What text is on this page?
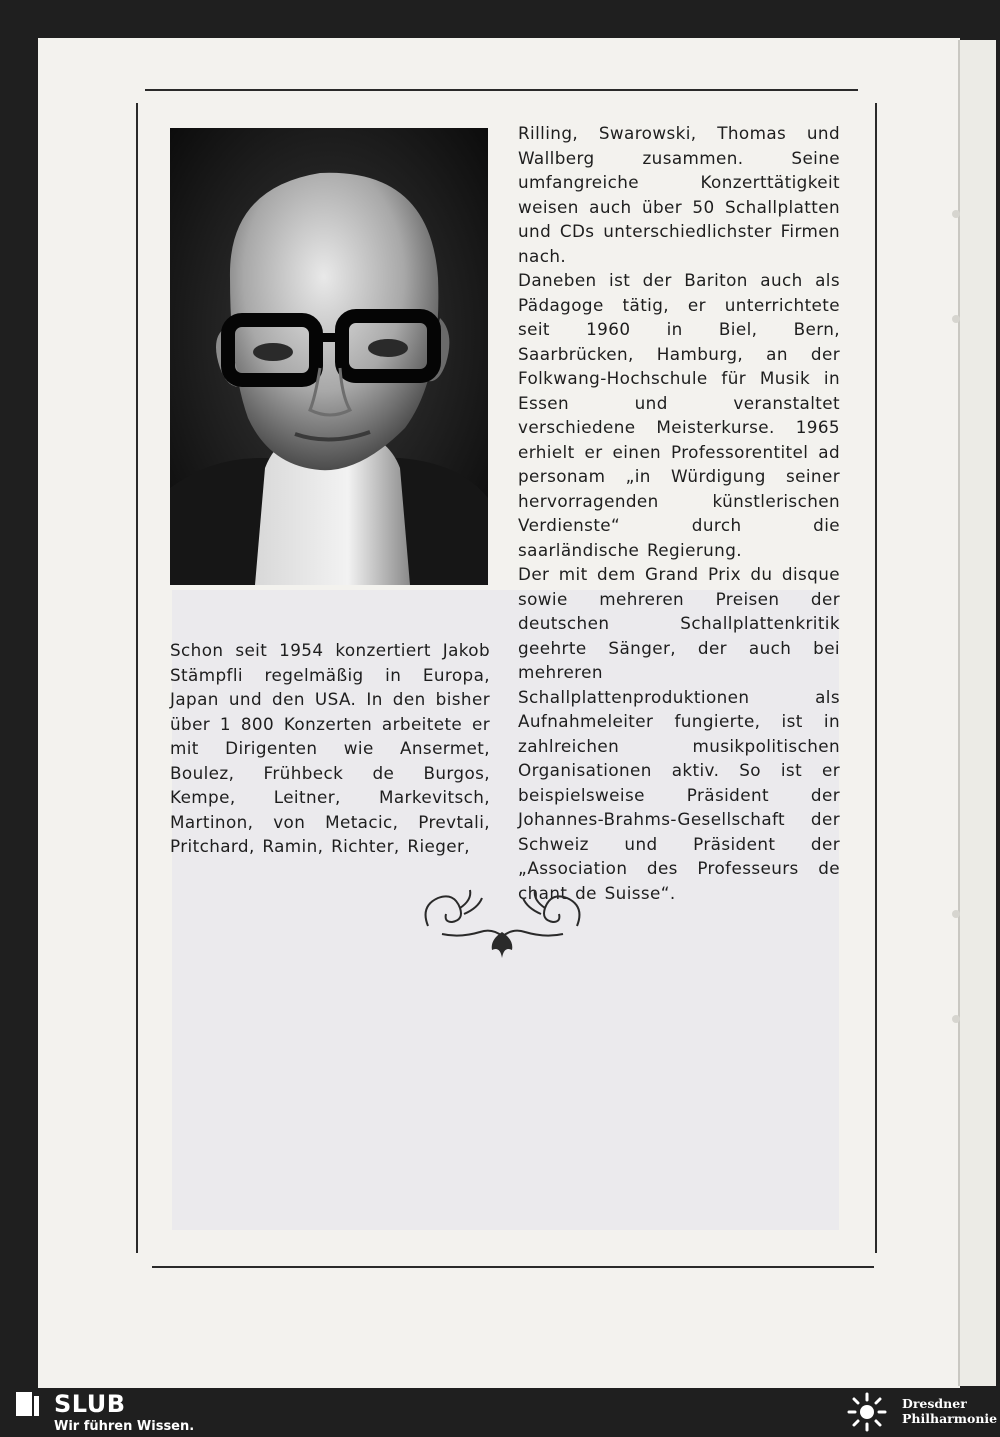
Schon seit 1954 konzertiert Jakob Stämpfli regelmäßig in Europa, Japan und den USA. In den bisher über 1 800 Konzerten arbeitete er mit Dirigenten wie Ansermet, Boulez, Frühbeck de Burgos, Kempe, Leitner, Markevitsch, Martinon, von Metacic, Prevtali, Pritchard, Ramin, Richter, Rieger,

Rilling, Swarowski, Thomas und Wallberg zusammen. Seine umfangreiche Konzerttätigkeit weisen auch über 50 Schallplatten und CDs unterschiedlichster Firmen nach.

Daneben ist der Bariton auch als Pädagoge tätig, er unterrichtete seit 1960 in Biel, Bern, Saarbrücken, Hamburg, an der Folkwang-Hochschule für Musik in Essen und veranstaltet verschiedene Meisterkurse. 1965 erhielt er einen Professorentitel ad personam „in Würdigung seiner hervorragenden künstlerischen Verdienste“ durch die saarländische Regierung.

Der mit dem Grand Prix du disque sowie mehreren Preisen der deutschen Schallplattenkritik geehrte Sänger, der auch bei mehreren Schallplattenproduktionen als Aufnahmeleiter fungierte, ist in zahlreichen musikpolitischen Organisationen aktiv. So ist er beispielsweise Präsident der Johannes-Brahms-Gesellschaft der Schweiz und Präsident der „Association des Professeurs de chant de Suisse“.

SLUB
Wir führen Wissen.
Dresdner
Philharmonie
